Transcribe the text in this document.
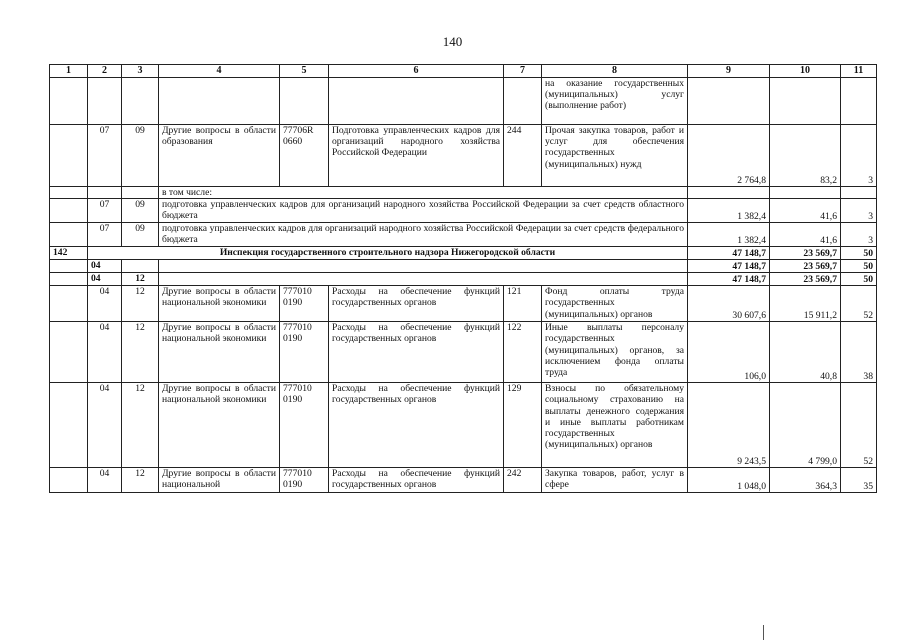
140
1	2	3	4	5	6	7	8	9	10	11
							на оказание государственных (муниципальных) услуг (выполнение работ)			
	07	09	Другие вопросы в области образования	77706R 0660	Подготовка управленческих кадров для организаций народного хозяйства Российской Федерации	244	Прочая закупка товаров, работ и услуг для обеспечения государственных (муниципальных) нужд	2 764,8	83,2	3
			в том числе:							
	07	09	подготовка управленческих кадров для организаций народного хозяйства Российской Федерации за счет средств областного бюджета					1 382,4	41,6	3
	07	09	подготовка управленческих кадров для организаций народного хозяйства Российской Федерации за счет средств федерального бюджета					1 382,4	41,6	3
142	Инспекция государственного строительного надзора Нижегородской области							47 148,7	23 569,7	50
	04							47 148,7	23 569,7	50
	04	12						47 148,7	23 569,7	50
	04	12	Другие вопросы в области национальной экономики	777010 0190	Расходы на обеспечение функций государственных органов	121	Фонд оплаты труда государственных (муниципальных) органов	30 607,6	15 911,2	52
	04	12	Другие вопросы в области национальной экономики	777010 0190	Расходы на обеспечение функций государственных органов	122	Иные выплаты персоналу государственных (муниципальных) органов, за исключением фонда оплаты труда	106,0	40,8	38
	04	12	Другие вопросы в области национальной экономики	777010 0190	Расходы на обеспечение функций государственных органов	129	Взносы по обязательному социальному страхованию на выплаты денежного содержания и иные выплаты работникам государственных (муниципальных) органов	9 243,5	4 799,0	52
	04	12	Другие вопросы в области национальной	777010 0190	Расходы на обеспечение функций государственных органов	242	Закупка товаров, работ, услуг в сфере	1 048,0	364,3	35
